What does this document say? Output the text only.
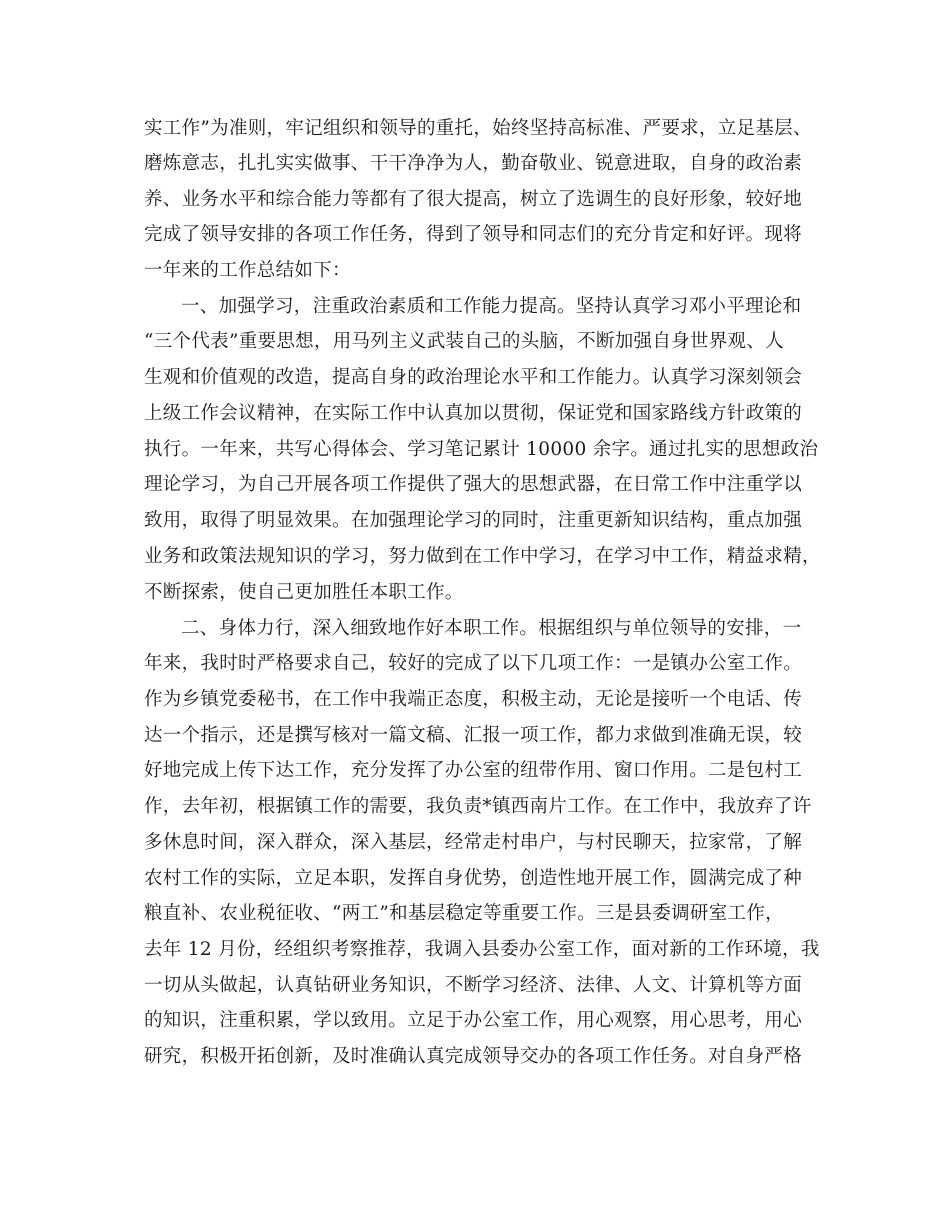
实工作”为准则，牢记组织和领导的重托，始终坚持高标准、严要求，立足基层、
磨炼意志，扎扎实实做事、干干净净为人，勤奋敬业、锐意进取，自身的政治素
养、业务水平和综合能力等都有了很大提高，树立了选调生的良好形象，较好地
完成了领导安排的各项工作任务，得到了领导和同志们的充分肯定和好评。现将
一年来的工作总结如下：
一、加强学习，注重政治素质和工作能力提高。坚持认真学习邓小平理论和
“三个代表”重要思想，用马列主义武装自己的头脑，不断加强自身世界观、人
生观和价值观的改造，提高自身的政治理论水平和工作能力。认真学习深刻领会
上级工作会议精神，在实际工作中认真加以贯彻，保证党和国家路线方针政策的
执行。一年来，共写心得体会、学习笔记累计 10000 余字。通过扎实的思想政治
理论学习，为自己开展各项工作提供了强大的思想武器，在日常工作中注重学以
致用，取得了明显效果。在加强理论学习的同时，注重更新知识结构，重点加强
业务和政策法规知识的学习，努力做到在工作中学习，在学习中工作，精益求精，
不断探索，使自己更加胜任本职工作。
二、身体力行，深入细致地作好本职工作。根据组织与单位领导的安排，一
年来，我时时严格要求自己，较好的完成了以下几项工作：一是镇办公室工作。
作为乡镇党委秘书，在工作中我端正态度，积极主动，无论是接听一个电话、传
达一个指示，还是撰写核对一篇文稿、汇报一项工作，都力求做到准确无误，较
好地完成上传下达工作，充分发挥了办公室的纽带作用、窗口作用。二是包村工
作，去年初，根据镇工作的需要，我负责*镇西南片工作。在工作中，我放弃了许
多休息时间，深入群众，深入基层，经常走村串户，与村民聊天，拉家常，了解
农村工作的实际，立足本职，发挥自身优势，创造性地开展工作，圆满完成了种
粮直补、农业税征收、“两工”和基层稳定等重要工作。三是县委调研室工作，
去年 12 月份，经组织考察推荐，我调入县委办公室工作，面对新的工作环境，我
一切从头做起，认真钻研业务知识，不断学习经济、法律、人文、计算机等方面
的知识，注重积累，学以致用。立足于办公室工作，用心观察，用心思考，用心
研究，积极开拓创新，及时准确认真完成领导交办的各项工作任务。对自身严格
